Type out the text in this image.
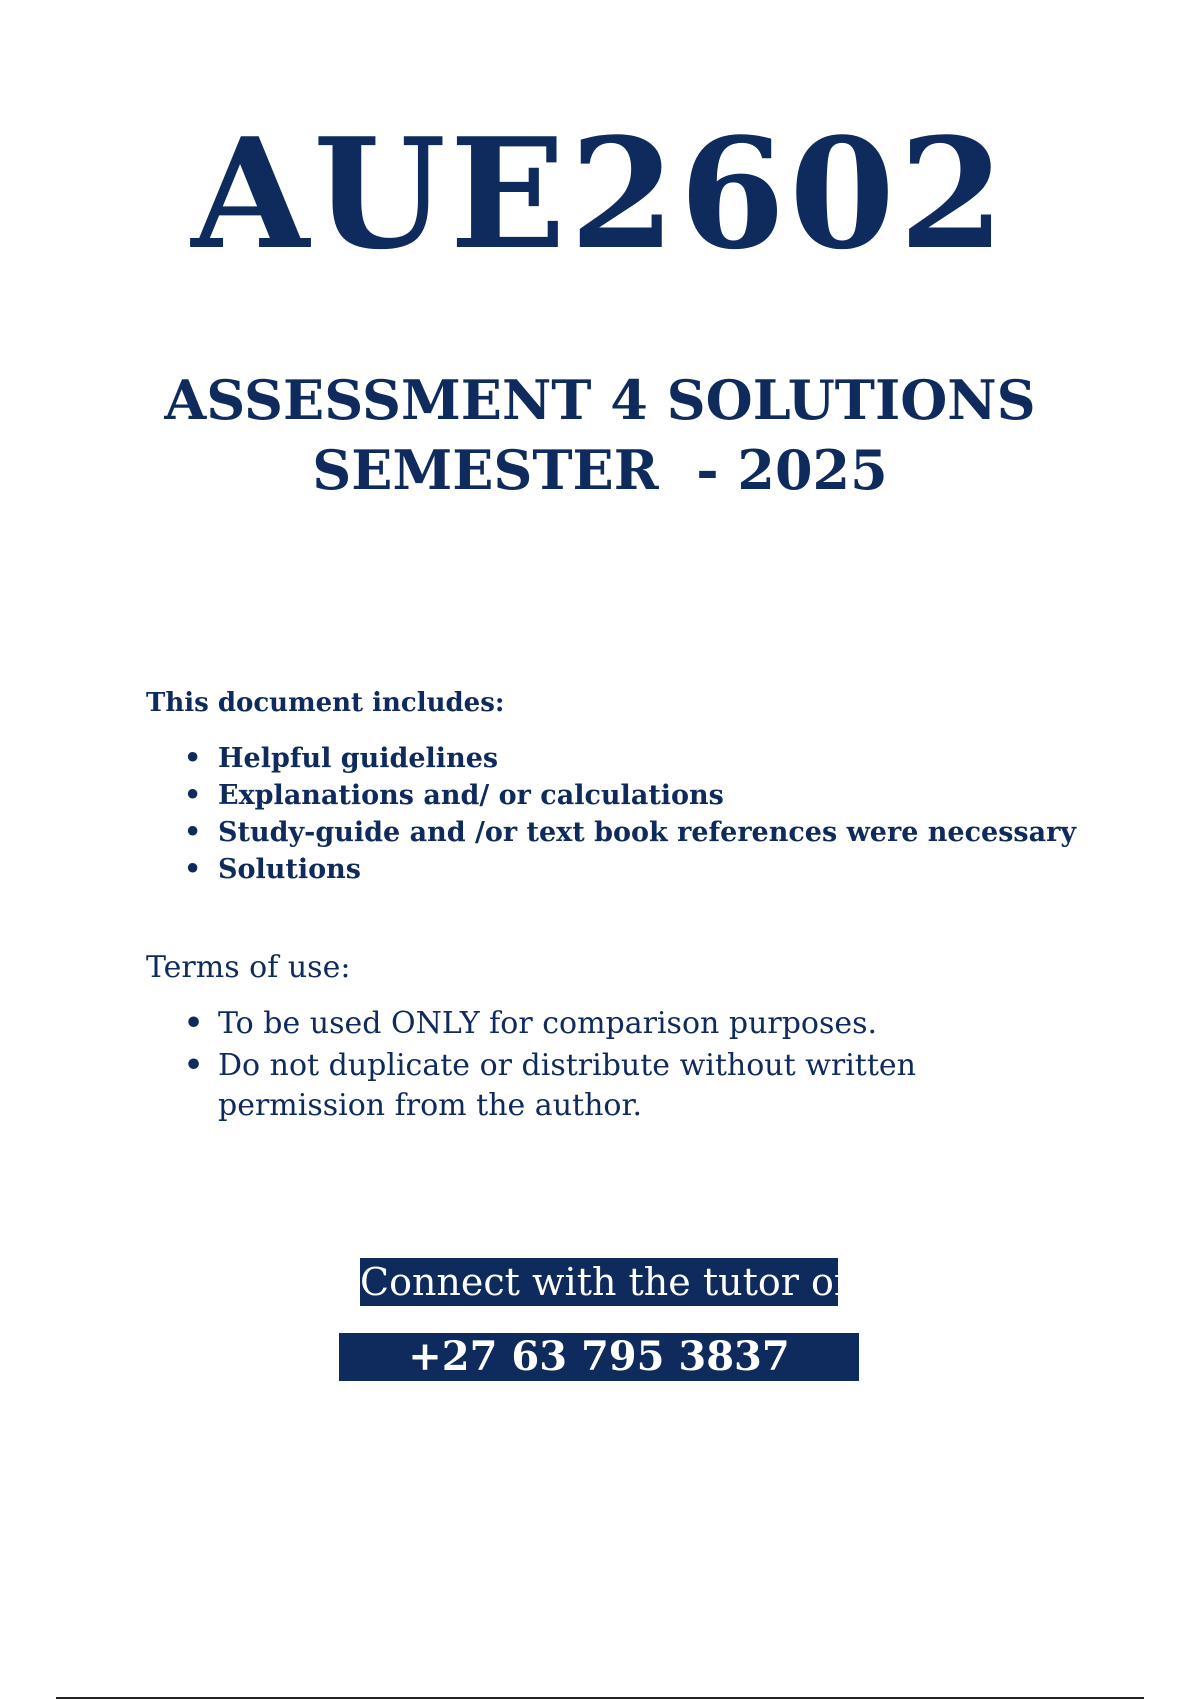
AUE2602
ASSESSMENT 4 SOLUTIONS
SEMESTER  - 2025
This document includes:
• Helpful guidelines
• Explanations and/ or calculations
• Study-guide and /or text book references were necessary
• Solutions
Terms of use:
• To be used ONLY for comparison purposes.
• Do not duplicate or distribute without written permission from the author.
Connect with the tutor on
+27 63 795 3837
